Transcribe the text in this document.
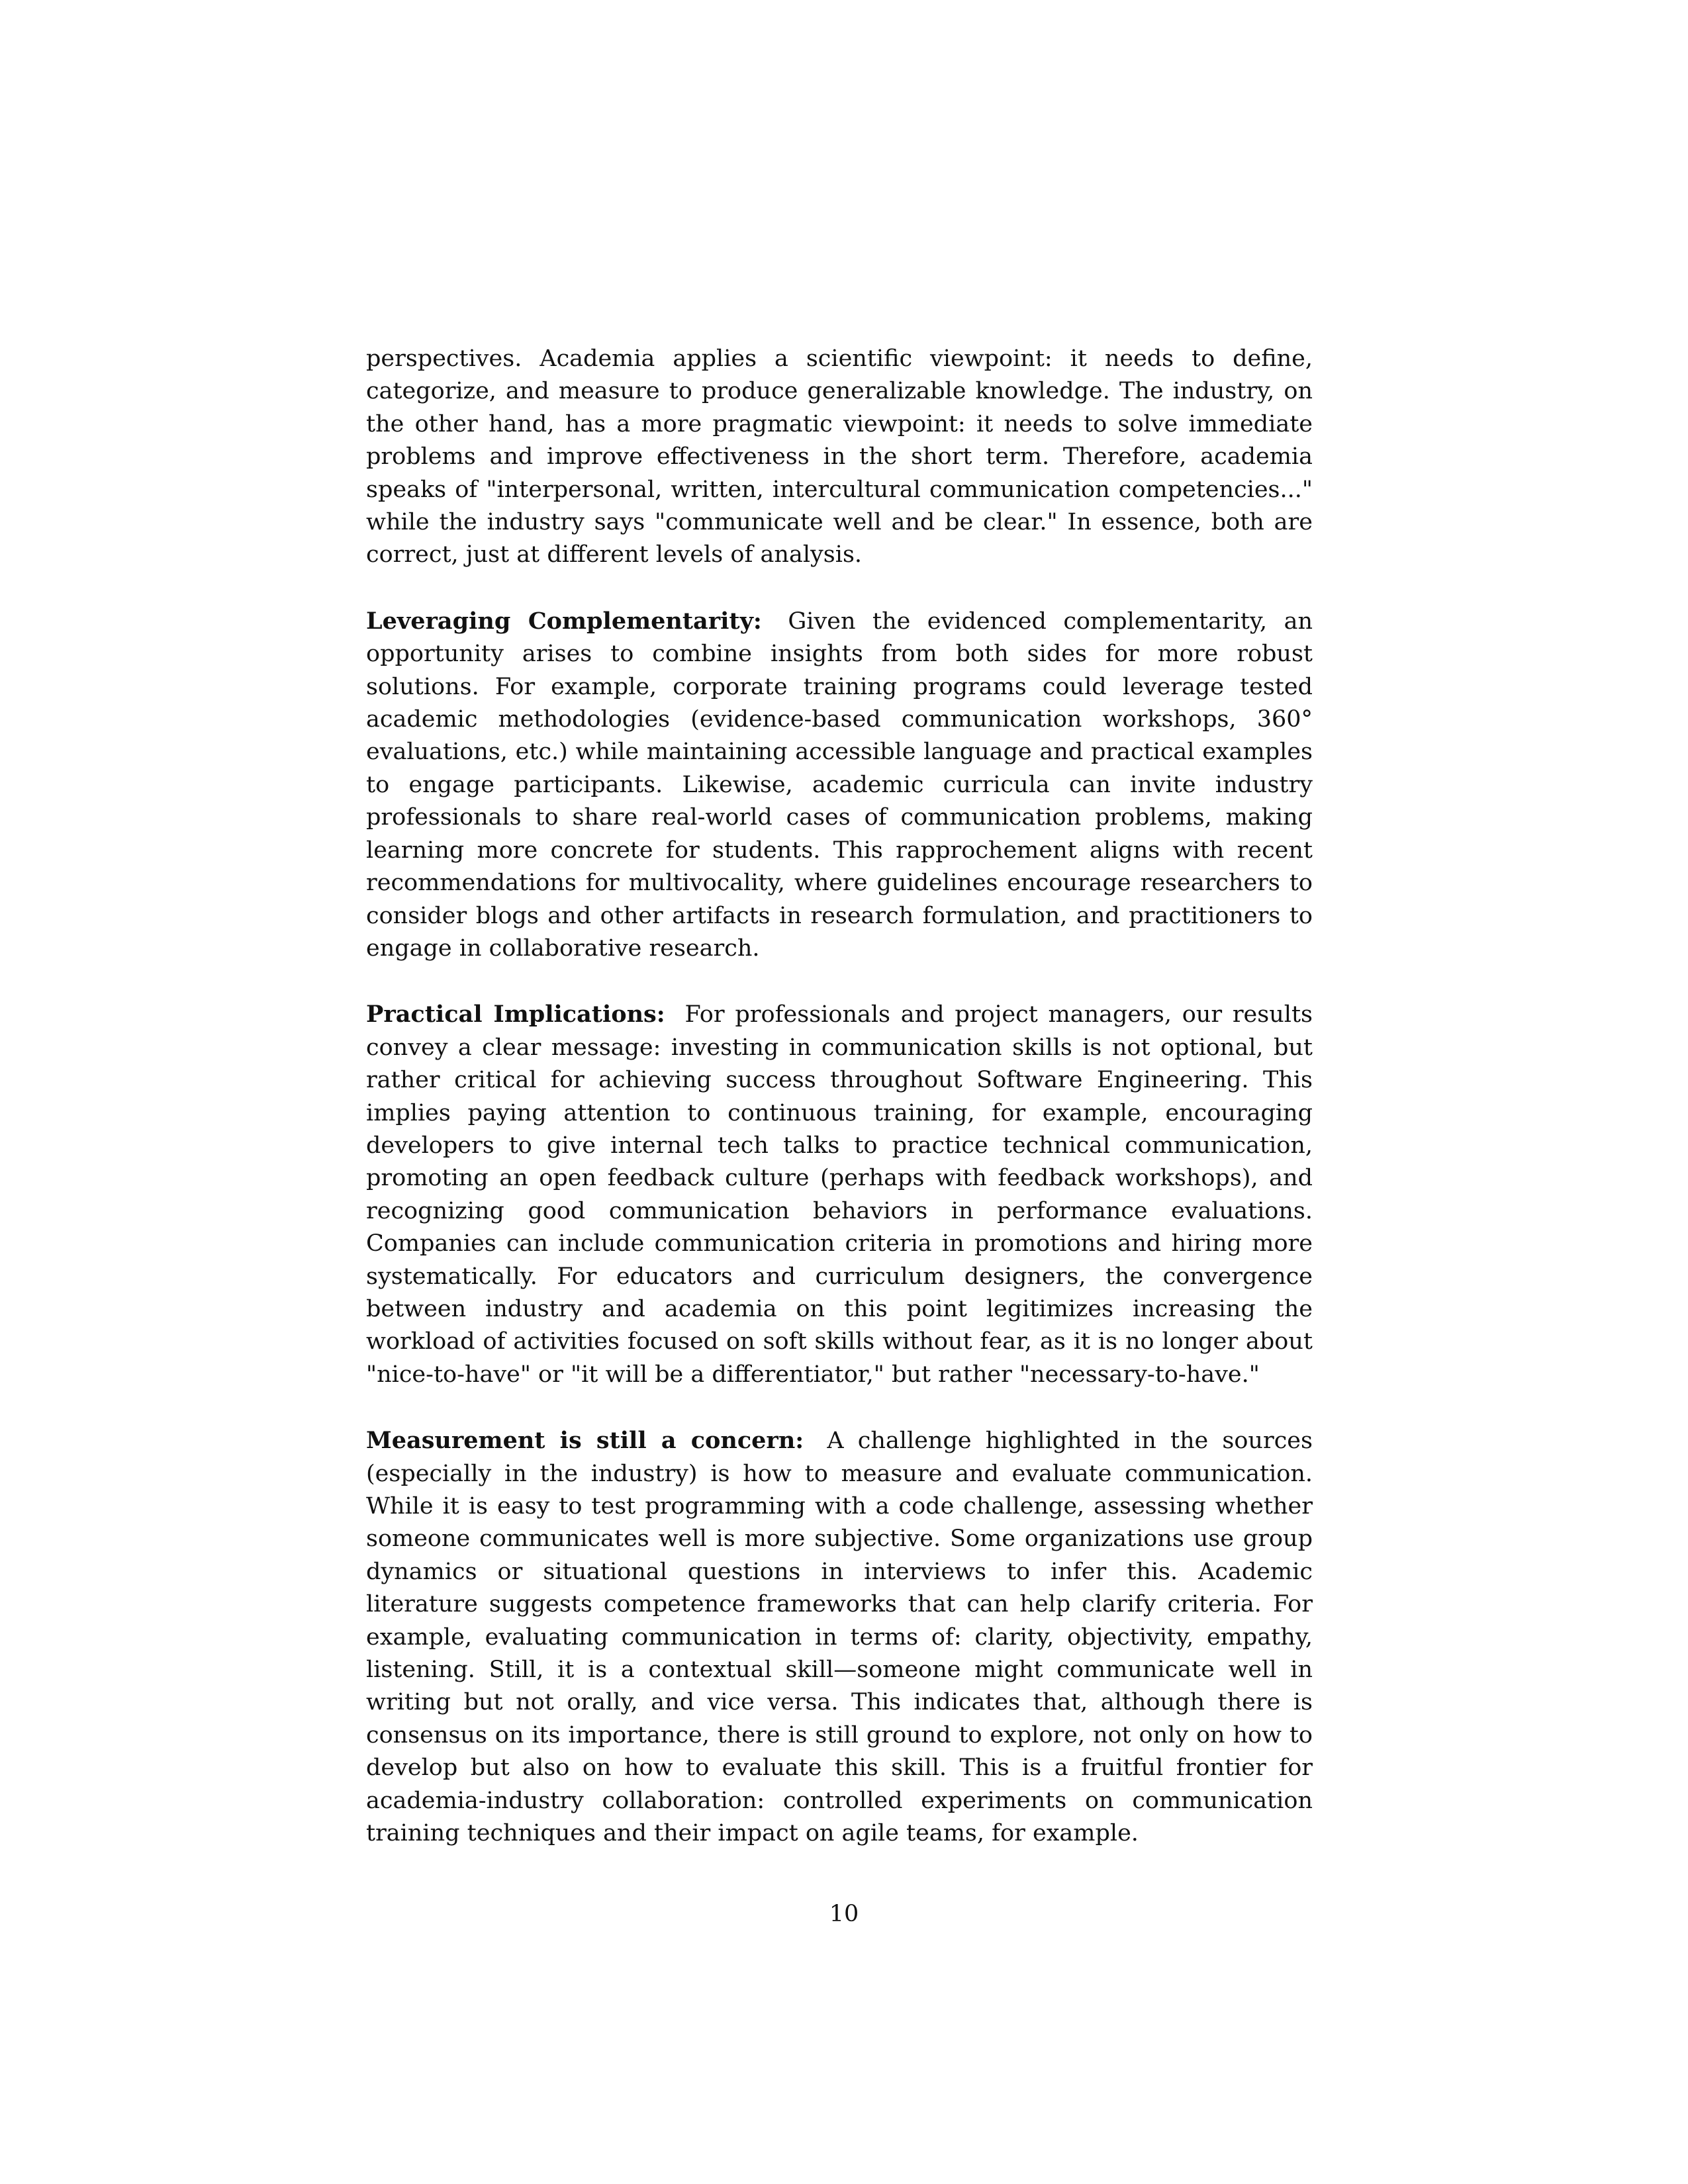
perspectives. Academia applies a scientific viewpoint: it needs to define, categorize, and measure to produce generalizable knowledge. The industry, on the other hand, has a more pragmatic viewpoint: it needs to solve immediate problems and improve effectiveness in the short term. Therefore, academia speaks of "interpersonal, written, intercultural communication competencies..." while the industry says "communicate well and be clear." In essence, both are correct, just at different levels of analysis.

Leveraging Complementarity: Given the evidenced complementarity, an opportunity arises to combine insights from both sides for more robust solutions. For example, corporate training programs could leverage tested academic methodologies (evidence-based communication workshops, 360° evaluations, etc.) while maintaining accessible language and practical examples to engage participants. Likewise, academic curricula can invite industry professionals to share real-world cases of communication problems, making learning more concrete for students. This rapprochement aligns with recent recommendations for multivocality, where guidelines encourage researchers to consider blogs and other artifacts in research formulation, and practitioners to engage in collaborative research.

Practical Implications: For professionals and project managers, our results convey a clear message: investing in communication skills is not optional, but rather critical for achieving success throughout Software Engineering. This implies paying attention to continuous training, for example, encouraging developers to give internal tech talks to practice technical communication, promoting an open feedback culture (perhaps with feedback workshops), and recognizing good communication behaviors in performance evaluations. Companies can include communication criteria in promotions and hiring more systematically. For educators and curriculum designers, the convergence between industry and academia on this point legitimizes increasing the workload of activities focused on soft skills without fear, as it is no longer about "nice-to-have" or "it will be a differentiator," but rather "necessary-to-have."

Measurement is still a concern: A challenge highlighted in the sources (especially in the industry) is how to measure and evaluate communication. While it is easy to test programming with a code challenge, assessing whether someone communicates well is more subjective. Some organizations use group dynamics or situational questions in interviews to infer this. Academic literature suggests competence frameworks that can help clarify criteria. For example, evaluating communication in terms of: clarity, objectivity, empathy, listening. Still, it is a contextual skill—someone might communicate well in writing but not orally, and vice versa. This indicates that, although there is consensus on its importance, there is still ground to explore, not only on how to develop but also on how to evaluate this skill. This is a fruitful frontier for academia-industry collaboration: controlled experiments on communication training techniques and their impact on agile teams, for example.

10
